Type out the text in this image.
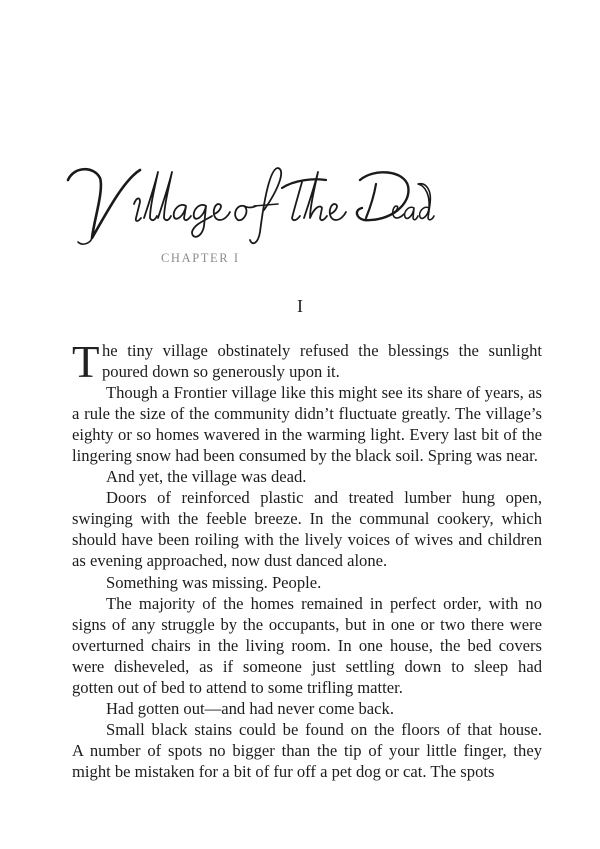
CHAPTER I
I
T he tiny village obstinately refused the blessings the sunlight
poured down so generously upon it.
Though a Frontier village like this might see its share of years, as
a rule the size of the community didn’t fluctuate greatly. The village’s
eighty or so homes wavered in the warming light. Every last bit of the
lingering snow had been consumed by the black soil. Spring was near.
And yet, the village was dead.
Doors of reinforced plastic and treated lumber hung open,
swinging with the feeble breeze. In the communal cookery, which
should have been roiling with the lively voices of wives and children
as evening approached, now dust danced alone.
Something was missing. People.
The majority of the homes remained in perfect order, with no
signs of any struggle by the occupants, but in one or two there were
overturned chairs in the living room. In one house, the bed covers
were disheveled, as if someone just settling down to sleep had
gotten out of bed to attend to some trifling matter.
Had gotten out—and had never come back.
Small black stains could be found on the floors of that house.
A number of spots no bigger than the tip of your little finger, they
might be mistaken for a bit of fur off a pet dog or cat. The spots
